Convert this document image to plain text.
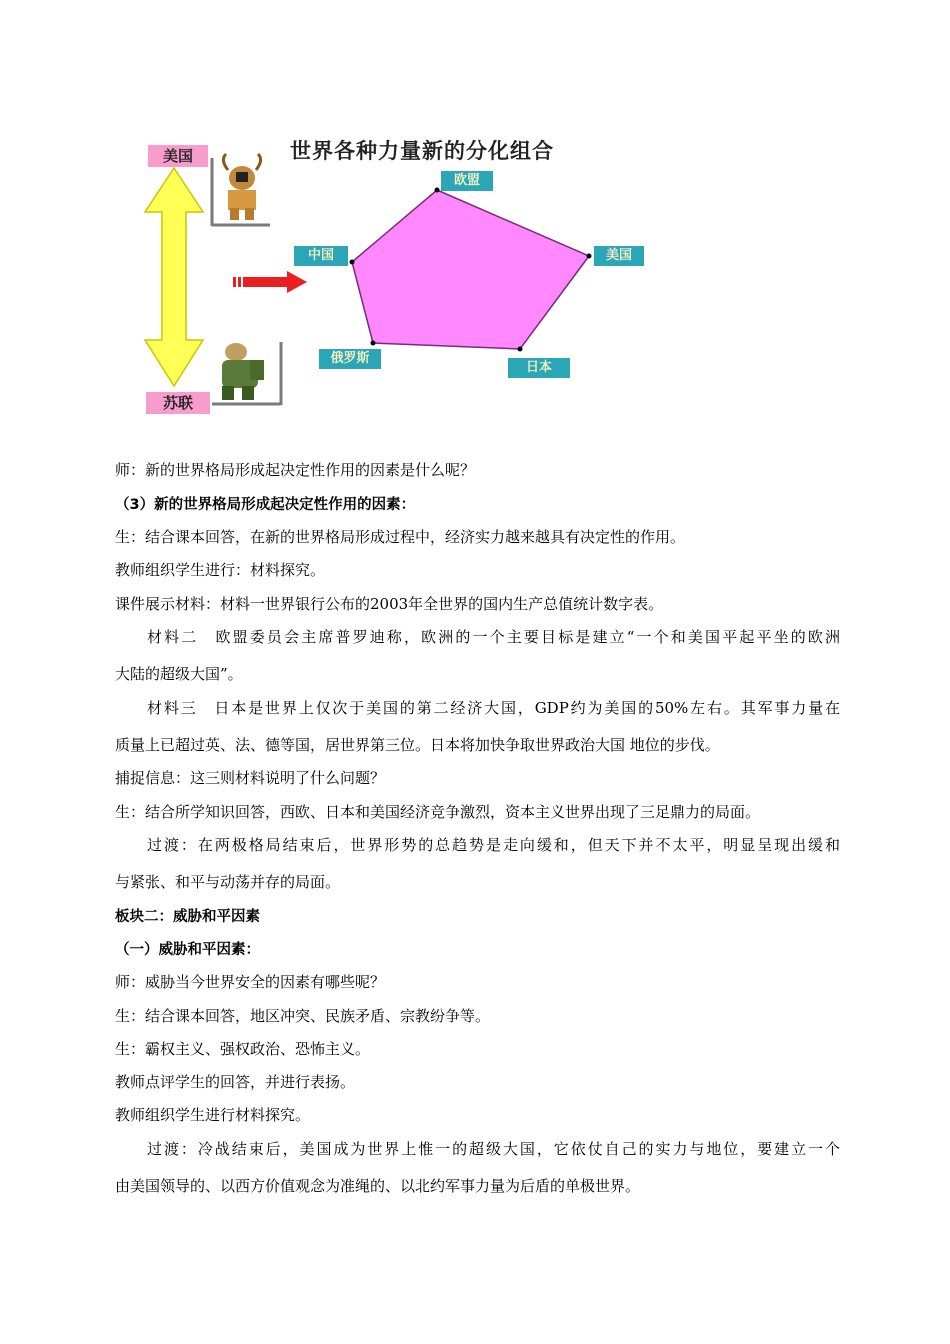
美国
苏联
世界各种力量新的分化组合
欧盟
美国
日本
俄罗斯
中国
师：新的世界格局形成起决定性作用的因素是什么呢？
（3）新的世界格局形成起决定性作用的因素：
生：结合课本回答，在新的世界格局形成过程中，经济实力越来越具有决定性的作用。
教师组织学生进行：材料探究。
课件展示材料：材料一世界银行公布的2003年全世界的国内生产总值统计数字表。
材料二　欧盟委员会主席普罗迪称，欧洲的一个主要目标是建立“一个和美国平起平坐的欧洲
大陆的超级大国”。
材料三　日本是世界上仅次于美国的第二经济大国，GDP约为美国的50%左右。其军事力量在
质量上已超过英、法、德等国，居世界第三位。日本将加快争取世界政治大国 地位的步伐。
捕捉信息：这三则材料说明了什么问题？
生：结合所学知识回答，西欧、日本和美国经济竞争激烈，资本主义世界出现了三足鼎力的局面。
过渡：在两极格局结束后，世界形势的总趋势是走向缓和，但天下并不太平，明显呈现出缓和
与紧张、和平与动荡并存的局面。
板块二：威胁和平因素
（一）威胁和平因素：
师：威胁当今世界安全的因素有哪些呢？
生：结合课本回答，地区冲突、民族矛盾、宗教纷争等。
生：霸权主义、强权政治、恐怖主义。
教师点评学生的回答，并进行表扬。
教师组织学生进行材料探究。
过渡：冷战结束后，美国成为世界上惟一的超级大国，它依仗自己的实力与地位，要建立一个
由美国领导的、以西方价值观念为准绳的、以北约军事力量为后盾的单极世界。
